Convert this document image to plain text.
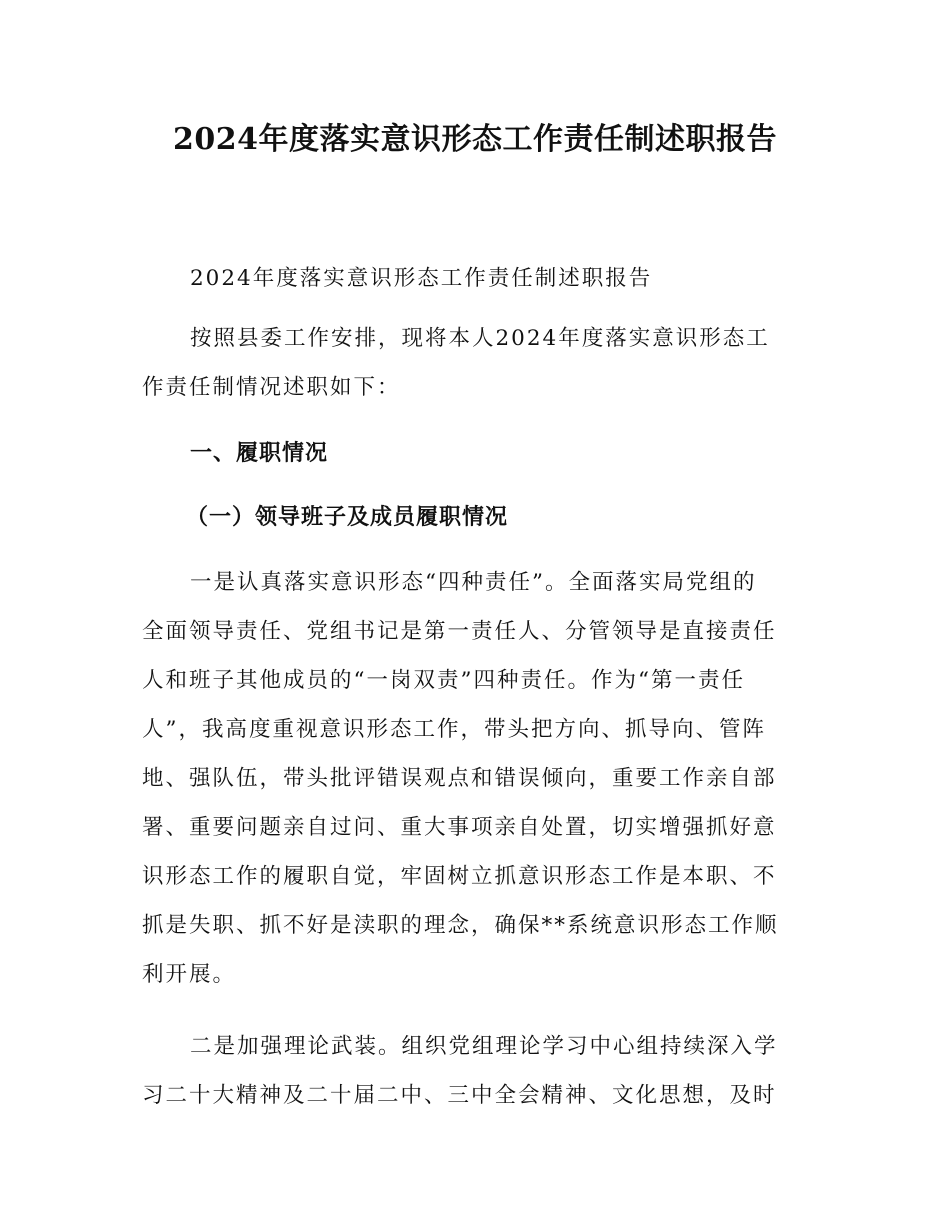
2024年度落实意识形态工作责任制述职报告

2024年度落实意识形态工作责任制述职报告

按照县委工作安排，现将本人2024年度落实意识形态工
作责任制情况述职如下：

一、履职情况
（一）领导班子及成员履职情况

一是认真落实意识形态“四种责任”。全面落实局党组的
全面领导责任、党组书记是第一责任人、分管领导是直接责任
人和班子其他成员的“一岗双责”四种责任。作为“第一责任
人”，我高度重视意识形态工作，带头把方向、抓导向、管阵
地、强队伍，带头批评错误观点和错误倾向，重要工作亲自部
署、重要问题亲自过问、重大事项亲自处置，切实增强抓好意
识形态工作的履职自觉，牢固树立抓意识形态工作是本职、不
抓是失职、抓不好是渎职的理念，确保**系统意识形态工作顺
利开展。

二是加强理论武装。组织党组理论学习中心组持续深入学
习二十大精神及二十届二中、三中全会精神、文化思想，及时
